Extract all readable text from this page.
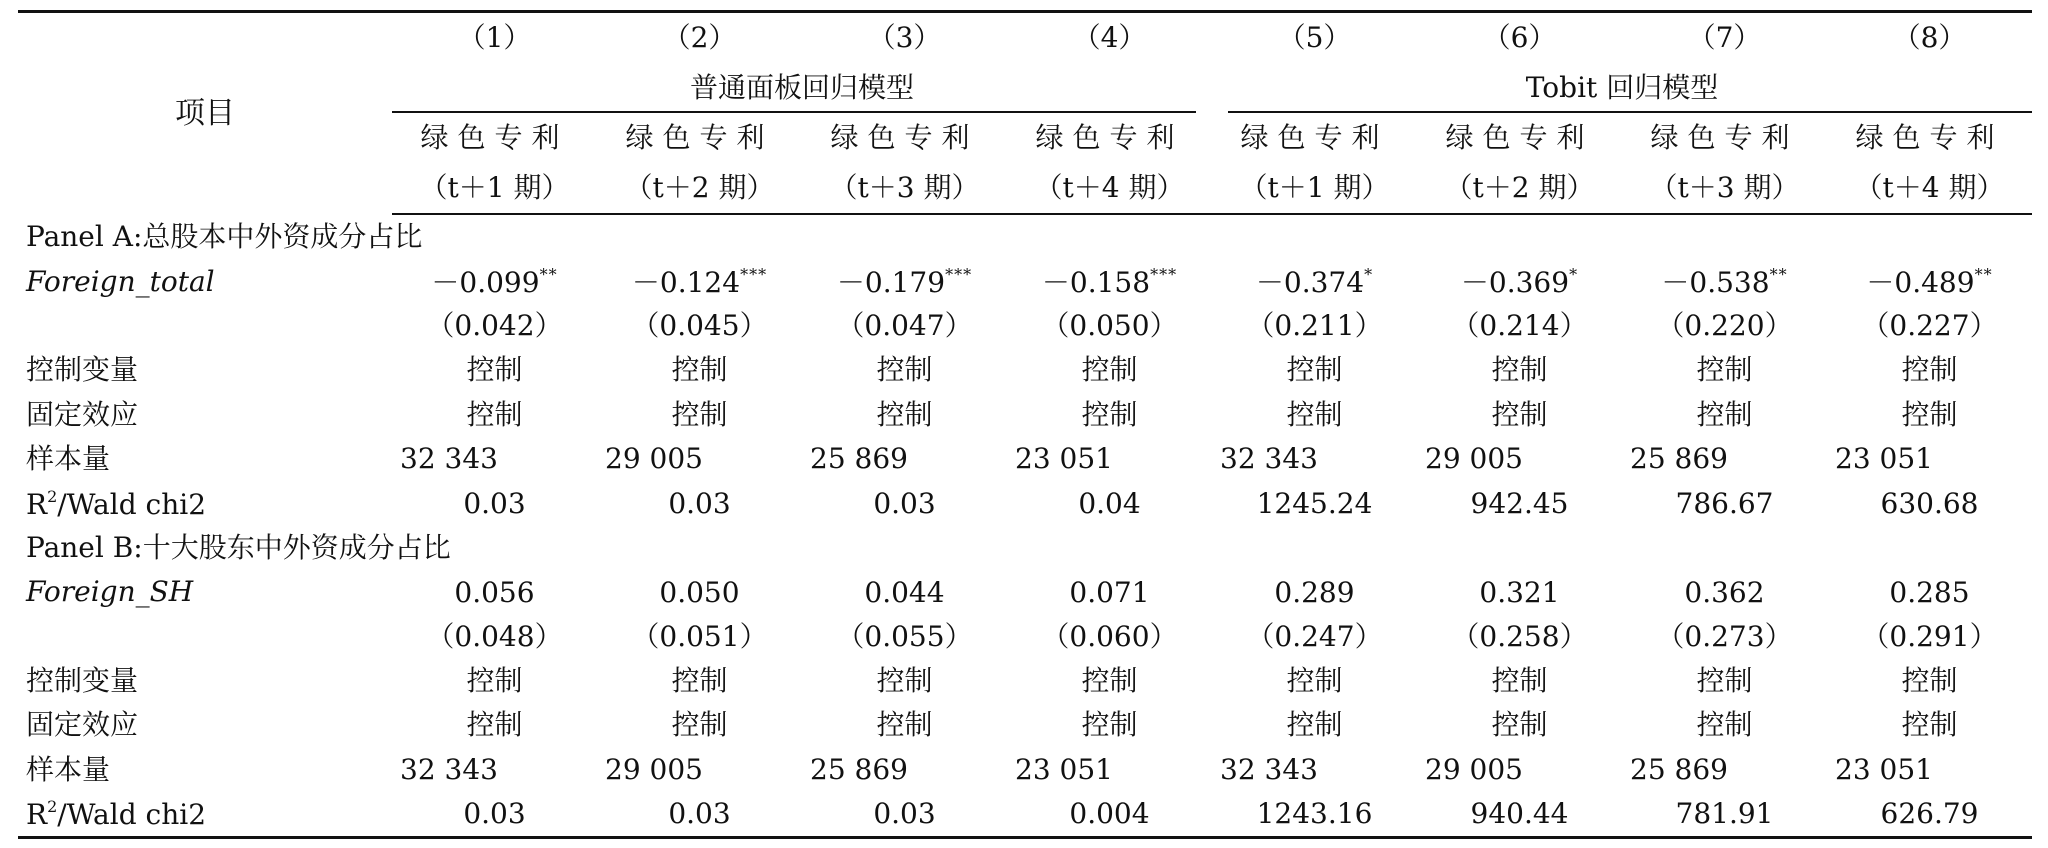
项目	（1）	（2）	（3）	（4）	（5）	（6）	（7）	（8）
	普通面板回归模型				Tobit 回归模型			
	绿色专利	绿色专利	绿色专利	绿色专利	绿色专利	绿色专利	绿色专利	绿色专利
	（t＋1 期）	（t＋2 期）	（t＋3 期）	（t＋4 期）	（t＋1 期）	（t＋2 期）	（t＋3 期）	（t＋4 期）
Panel A:总股本中外资成分占比								
Foreign_total	－0.099**	－0.124***	－0.179***	－0.158***	－0.374*	－0.369*	－0.538**	－0.489**
	（0.042）	（0.045）	（0.047）	（0.050）	（0.211）	（0.214）	（0.220）	（0.227）
控制变量	控制	控制	控制	控制	控制	控制	控制	控制
固定效应	控制	控制	控制	控制	控制	控制	控制	控制
样本量	32 343	29 005	25 869	23 051	32 343	29 005	25 869	23 051
$R^2$/Wald chi2	0.03	0.03	0.03	0.04	1245.24	942.45	786.67	630.68
Panel B:十大股东中外资成分占比								
Foreign_SH	0.056	0.050	0.044	0.071	0.289	0.321	0.362	0.285
	（0.048）	（0.051）	（0.055）	（0.060）	（0.247）	（0.258）	（0.273）	（0.291）
控制变量	控制	控制	控制	控制	控制	控制	控制	控制
固定效应	控制	控制	控制	控制	控制	控制	控制	控制
样本量	32 343	29 005	25 869	23 051	32 343	29 005	25 869	23 051
$R^2$/Wald chi2	0.03	0.03	0.03	0.004	1243.16	940.44	781.91	626.79
